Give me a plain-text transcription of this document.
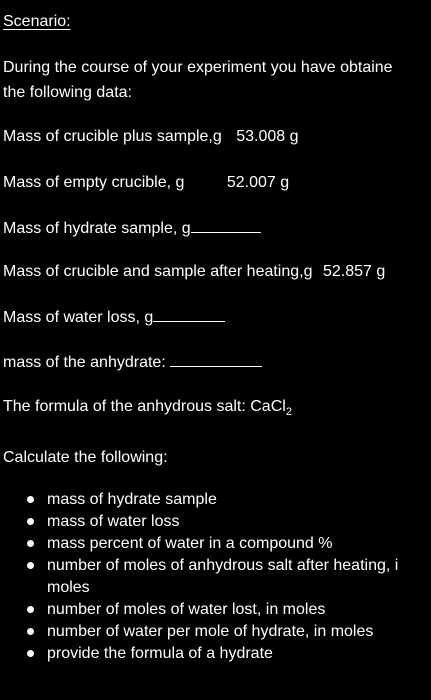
Scenario:
During the course of your experiment you have obtaine
the following data:
Mass of crucible plus sample,g 53.008 g
Mass of empty crucible, g	52.007 g
Mass of hydrate sample, g
Mass of crucible and sample after heating,g 52.857 g
Mass of water loss, g
mass of the anhydrate:
The formula of the anhydrous salt: CaCl$_2$
Calculate the following:
mass of hydrate sample
mass of water loss
mass percent of water in a compound %
number of moles of anhydrous salt after heating, i
moles
number of moles of water lost, in moles
number of water per mole of hydrate, in moles
provide the formula of a hydrate
